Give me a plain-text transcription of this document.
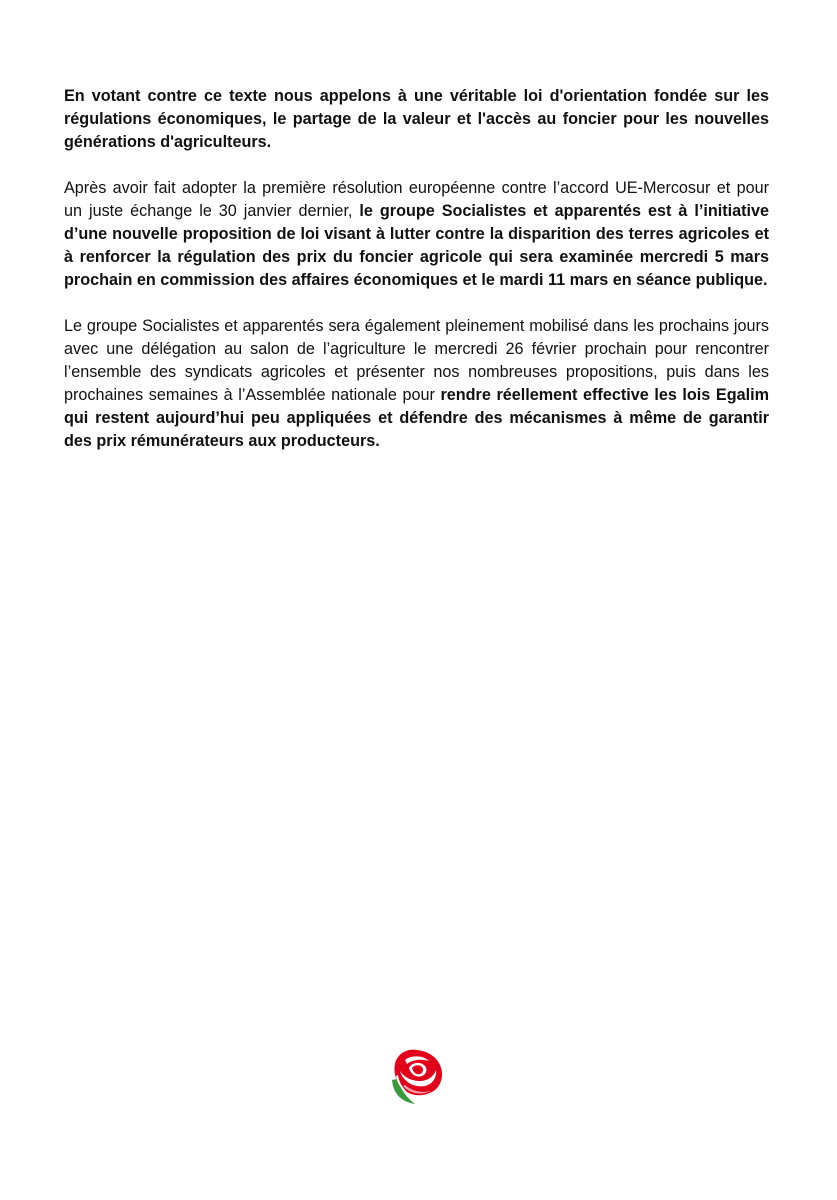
En votant contre ce texte nous appelons à une véritable loi d'orientation fondée sur les régulations économiques, le partage de la valeur et l'accès au foncier pour les nouvelles générations d'agriculteurs.

Après avoir fait adopter la première résolution européenne contre l’accord UE-Mercosur et pour un juste échange le 30 janvier dernier, le groupe Socialistes et apparentés est à l’initiative d’une nouvelle proposition de loi visant à lutter contre la disparition des terres agricoles et à renforcer la régulation des prix du foncier agricole qui sera examinée mercredi 5 mars prochain en commission des affaires économiques et le mardi 11 mars en séance publique.

Le groupe Socialistes et apparentés sera également pleinement mobilisé dans les prochains jours avec une délégation au salon de l’agriculture le mercredi 26 février prochain pour rencontrer l’ensemble des syndicats agricoles et présenter nos nombreuses propositions, puis dans les prochaines semaines à l’Assemblée nationale pour rendre réellement effective les lois Egalim qui restent aujourd’hui peu appliquées et défendre des mécanismes à même de garantir des prix rémunérateurs aux producteurs.
